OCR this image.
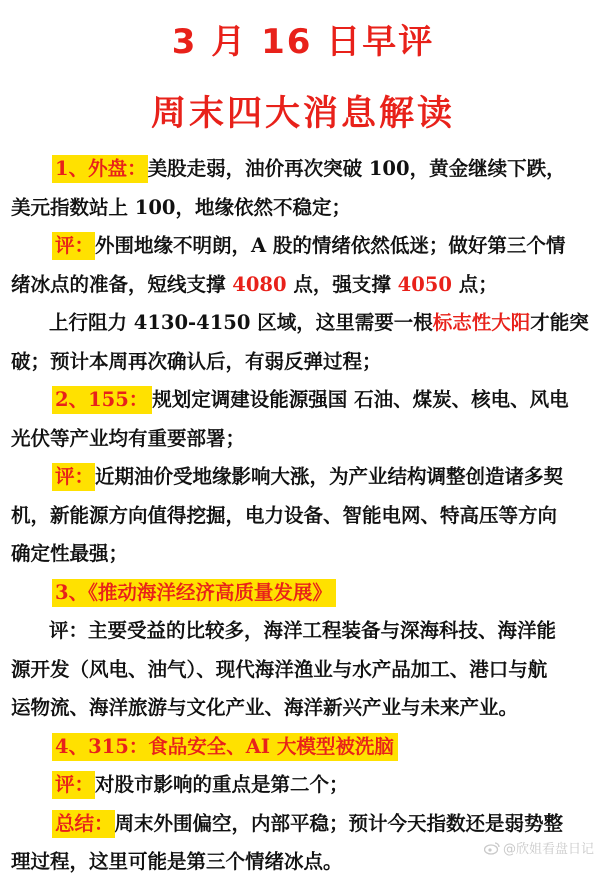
3 月 16 日早评
周末四大消息解读
1、外盘：美股走弱，油价再次突破 100，黄金继续下跌，
美元指数站上 100，地缘依然不稳定；
评：外围地缘不明朗，A 股的情绪依然低迷；做好第三个情
绪冰点的准备，短线支撑 4080 点，强支撑 4050 点；
上行阻力 4130-4150 区域，这里需要一根标志性大阳才能突
破；预计本周再次确认后，有弱反弹过程；
2、155： 规划定调建设能源强国 石油、煤炭、核电、风电
光伏等产业均有重要部署；
评：近期油价受地缘影响大涨，为产业结构调整创造诸多契
机，新能源方向值得挖掘，电力设备、智能电网、特高压等方向
确定性最强；
3、《推动海洋经济高质量发展》
评：主要受益的比较多，海洋工程装备与深海科技、海洋能
源开发（风电、油气）、现代海洋渔业与水产品加工、港口与航
运物流、海洋旅游与文化产业、海洋新兴产业与未来产业。
4、315：食品安全、AI 大模型被洗脑
评：对股市影响的重点是第二个；
总结：周末外围偏空，内部平稳；预计今天指数还是弱势整
理过程，这里可能是第三个情绪冰点。
@欣姐看盘日记
